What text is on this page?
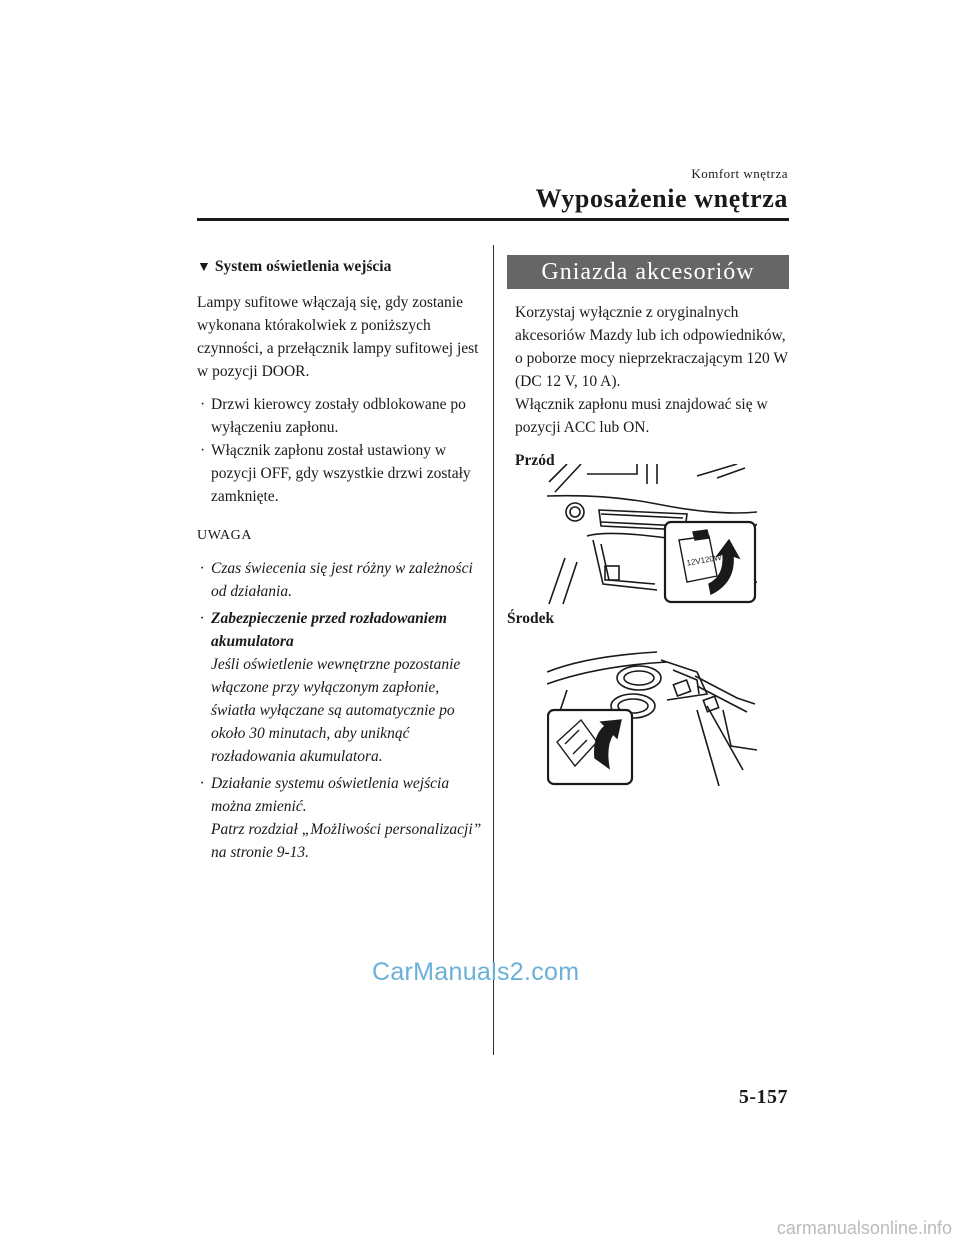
Komfort wnętrza
Wyposażenie wnętrza
▼ System oświetlenia wejścia

Lampy sufitowe włączają się, gdy zostanie wykonana którakolwiek z poniższych czynności, a przełącznik lampy sufitowej jest w pozycji DOOR.

· Drzwi kierowcy zostały odblokowane po wyłączeniu zapłonu.

· Włącznik zapłonu został ustawiony w pozycji OFF, gdy wszystkie drzwi zostały zamknięte.

UWAGA

· Czas świecenia się jest różny w zależności od działania.

· Zabezpieczenie przed rozładowaniem akumulatora
Jeśli oświetlenie wewnętrzne pozostanie włączone przy wyłączonym zapłonie, światła wyłączane są automatycznie po około 30 minutach, aby uniknąć rozładowania akumulatora.

· Działanie systemu oświetlenia wejścia można zmienić.
Patrz rozdział „Możliwości personalizacji” na stronie 9-13.

Gniazda akcesoriów

Korzystaj wyłącznie z oryginalnych akcesoriów Mazdy lub ich odpowiedników, o poborze mocy nieprzekraczającym 120 W (DC 12 V, 10 A).

Włącznik zapłonu musi znajdować się w pozycji ACC lub ON.

Przód
12V120W
Środek
CarManuals2.com
5-157
carmanualsonline.info
